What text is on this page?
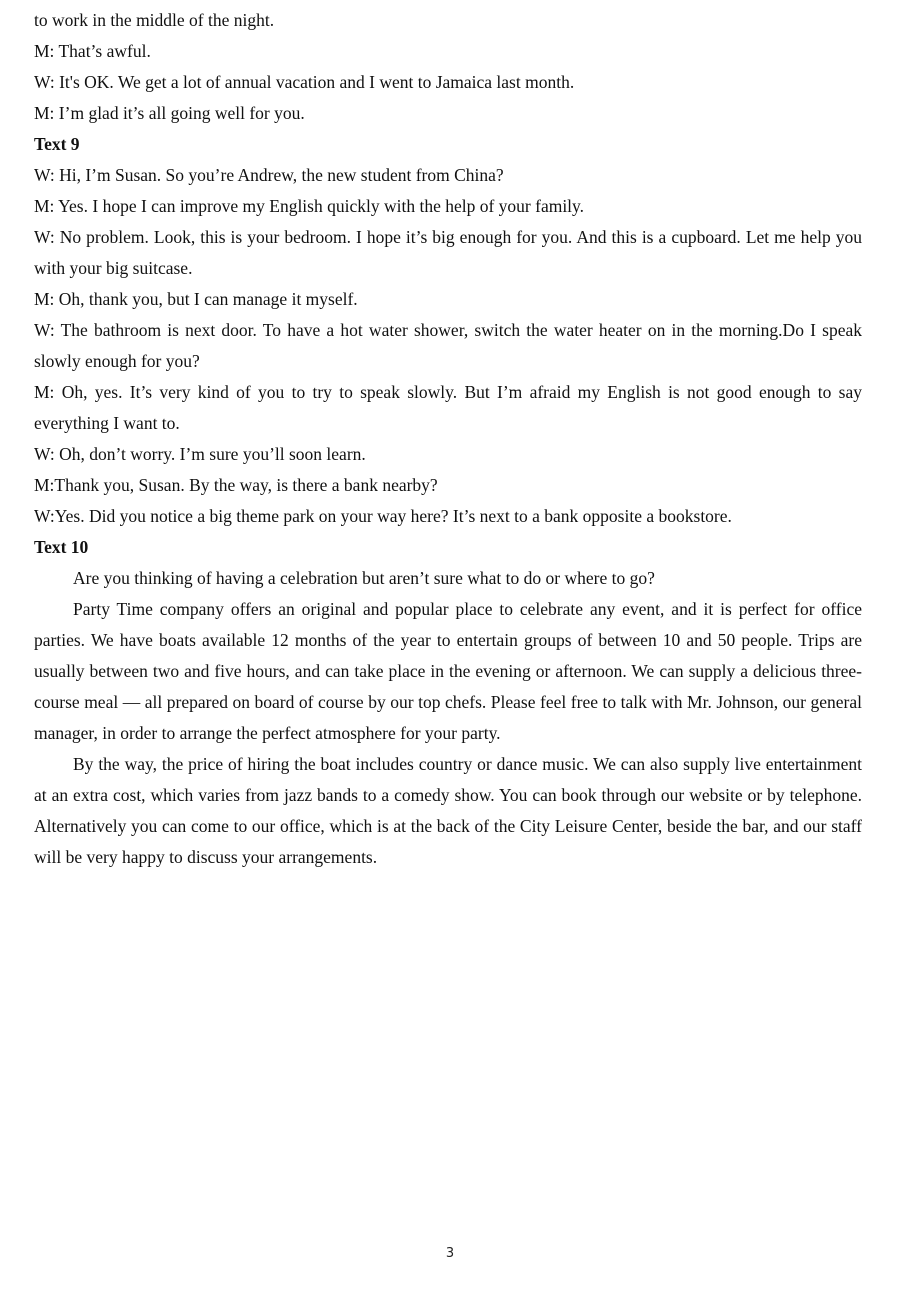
to work in the middle of the night.

M: That’s awful.

W: It's OK. We get a lot of annual vacation and I went to Jamaica last month.

M: I’m glad it’s all going well for you.

Text 9

W: Hi, I’m Susan. So you’re Andrew, the new student from China?

M: Yes. I hope I can improve my English quickly with the help of your family.

W: No problem. Look, this is your bedroom. I hope it’s big enough for you. And this is a cupboard. Let me help you with your big suitcase.

M: Oh, thank you, but I can manage it myself.

W: The bathroom is next door. To have a hot water shower, switch the water heater on in the morning.Do I speak slowly enough for you?

M: Oh, yes. It’s very kind of you to try to speak slowly. But I’m afraid my English is not good enough to say everything I want to.

W: Oh, don’t worry. I’m sure you’ll soon learn.

M:Thank you, Susan. By the way, is there a bank nearby?

W:Yes. Did you notice a big theme park on your way here? It’s next to a bank opposite a bookstore.

Text 10

Are you thinking of having a celebration but aren’t sure what to do or where to go?

Party Time company offers an original and popular place to celebrate any event, and it is perfect for office parties. We have boats available 12 months of the year to entertain groups of between 10 and 50 people. Trips are usually between two and five hours, and can take place in the evening or afternoon. We can supply a delicious three-course meal — all prepared on board of course by our top chefs. Please feel free to talk with Mr. Johnson, our general manager, in order to arrange the perfect atmosphere for your party.

By the way, the price of hiring the boat includes country or dance music. We can also supply live entertainment at an extra cost, which varies from jazz bands to a comedy show. You can book through our website or by telephone. Alternatively you can come to our office, which is at the back of the City Leisure Center, beside the bar, and our staff will be very happy to discuss your arrangements.

3
